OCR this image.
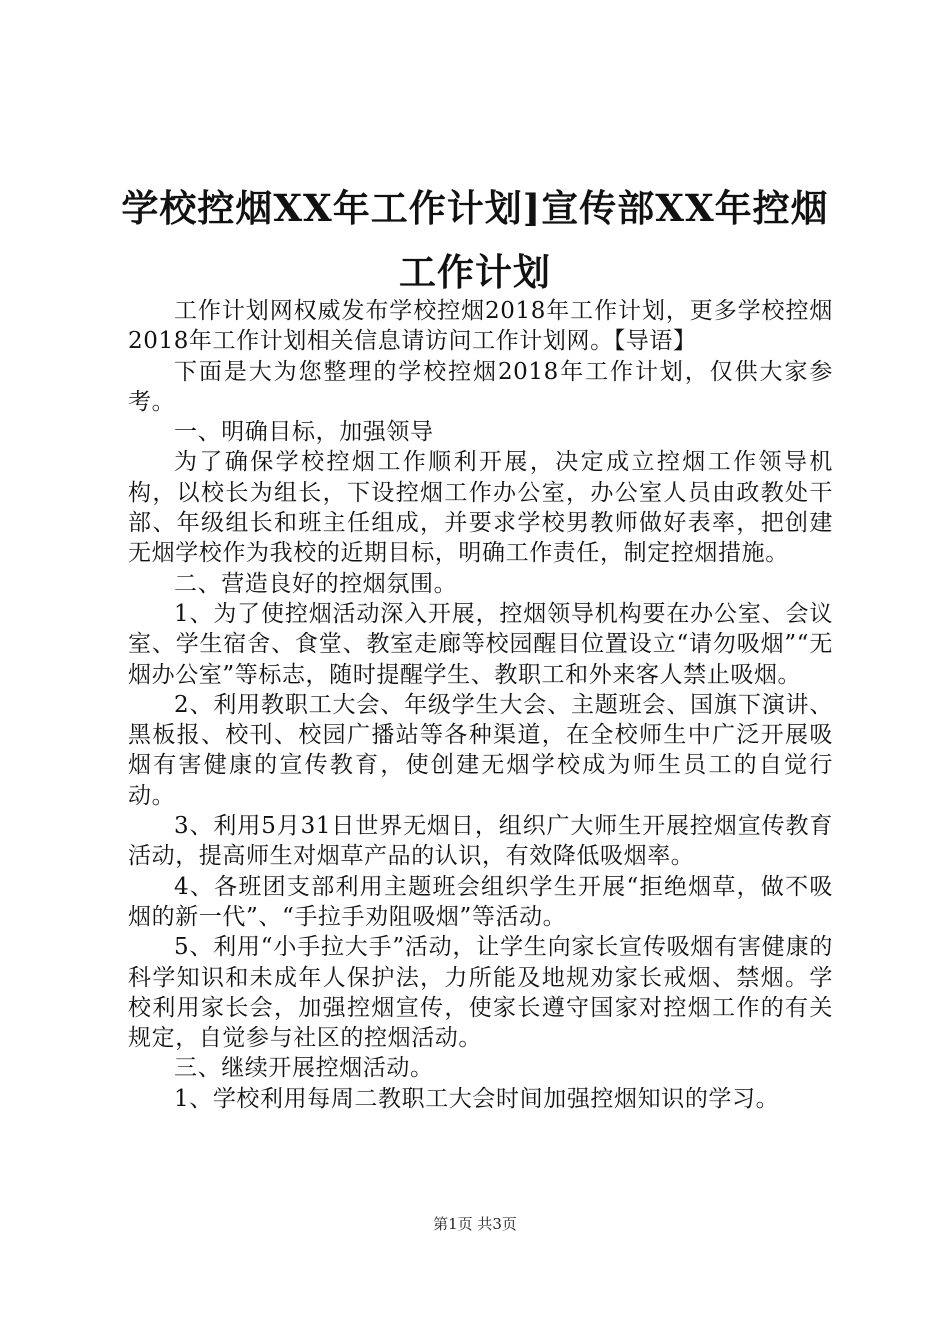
学校控烟XX年工作计划]宣传部XX年控烟工作计划

工作计划网权威发布学校控烟2018年工作计划，更多学校控烟2018年工作计划相关信息请访问工作计划网。【导语】

下面是大为您整理的学校控烟2018年工作计划，仅供大家参考。

一、明确目标，加强领导

为了确保学校控烟工作顺利开展，决定成立控烟工作领导机构，以校长为组长，下设控烟工作办公室，办公室人员由政教处干部、年级组长和班主任组成，并要求学校男教师做好表率，把创建无烟学校作为我校的近期目标，明确工作责任，制定控烟措施。

二、营造良好的控烟氛围。

1、为了使控烟活动深入开展，控烟领导机构要在办公室、会议室、学生宿舍、食堂、教室走廊等校园醒目位置设立“请勿吸烟”“无烟办公室”等标志，随时提醒学生、教职工和外来客人禁止吸烟。

2、利用教职工大会、年级学生大会、主题班会、国旗下演讲、黑板报、校刊、校园广播站等各种渠道，在全校师生中广泛开展吸烟有害健康的宣传教育，使创建无烟学校成为师生员工的自觉行动。

3、利用5月31日世界无烟日，组织广大师生开展控烟宣传教育活动，提高师生对烟草产品的认识，有效降低吸烟率。

4、各班团支部利用主题班会组织学生开展“拒绝烟草，做不吸烟的新一代”、“手拉手劝阻吸烟”等活动。

5、利用“小手拉大手”活动，让学生向家长宣传吸烟有害健康的科学知识和未成年人保护法，力所能及地规劝家长戒烟、禁烟。学校利用家长会，加强控烟宣传，使家长遵守国家对控烟工作的有关规定，自觉参与社区的控烟活动。

三、继续开展控烟活动。

1、学校利用每周二教职工大会时间加强控烟知识的学习。

第1页 共3页
